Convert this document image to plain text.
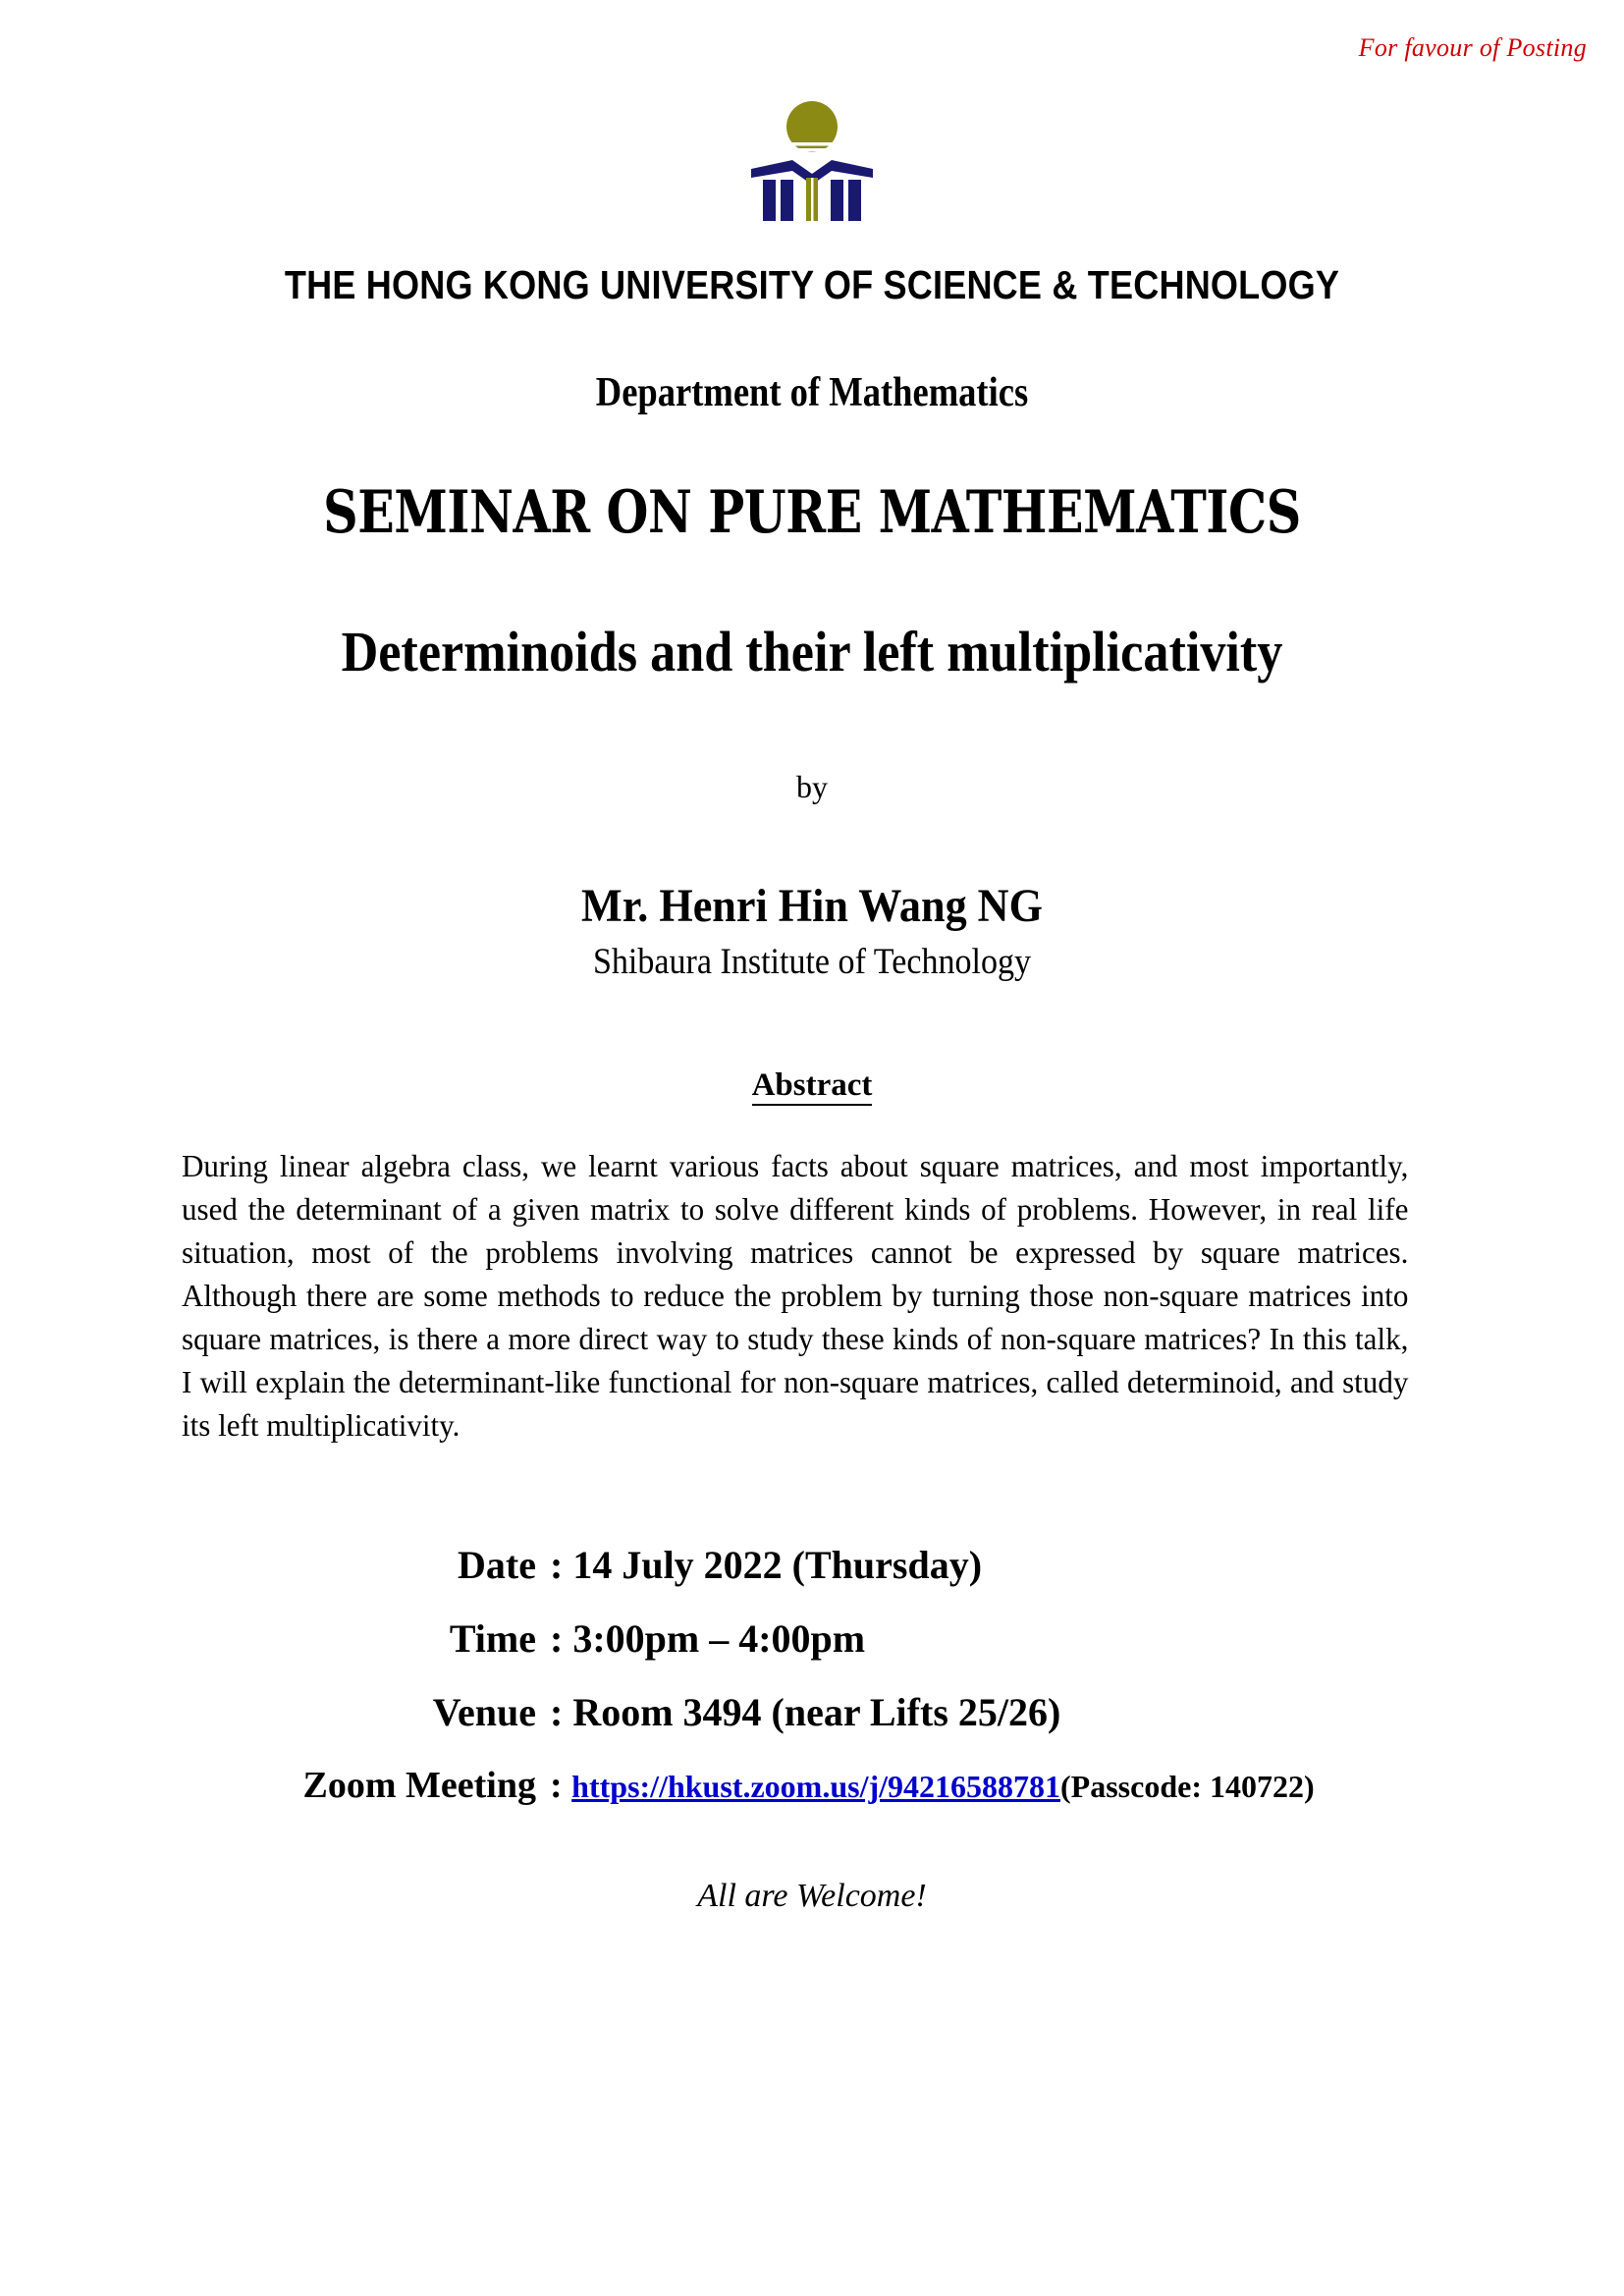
For favour of Posting
THE HONG KONG UNIVERSITY OF SCIENCE & TECHNOLOGY
Department of Mathematics
SEMINAR ON PURE MATHEMATICS
Determinoids and their left multiplicativity
by
Mr. Henri Hin Wang NG
Shibaura Institute of Technology
Abstract
During linear algebra class, we learnt various facts about square matrices, and most importantly, used the determinant of a given matrix to solve different kinds of problems. However, in real life situation, most of the problems involving matrices cannot be expressed by square matrices. Although there are some methods to reduce the problem by turning those non-square matrices into square matrices, is there a more direct way to study these kinds of non-square matrices? In this talk, I will explain the determinant-like functional for non-square matrices, called determinoid, and study its left multiplicativity.
Date : 14 July 2022 (Thursday)
Time : 3:00pm – 4:00pm
Venue : Room 3494 (near Lifts 25/26)
Zoom Meeting : https://hkust.zoom.us/j/94216588781(Passcode: 140722)
All are Welcome!
